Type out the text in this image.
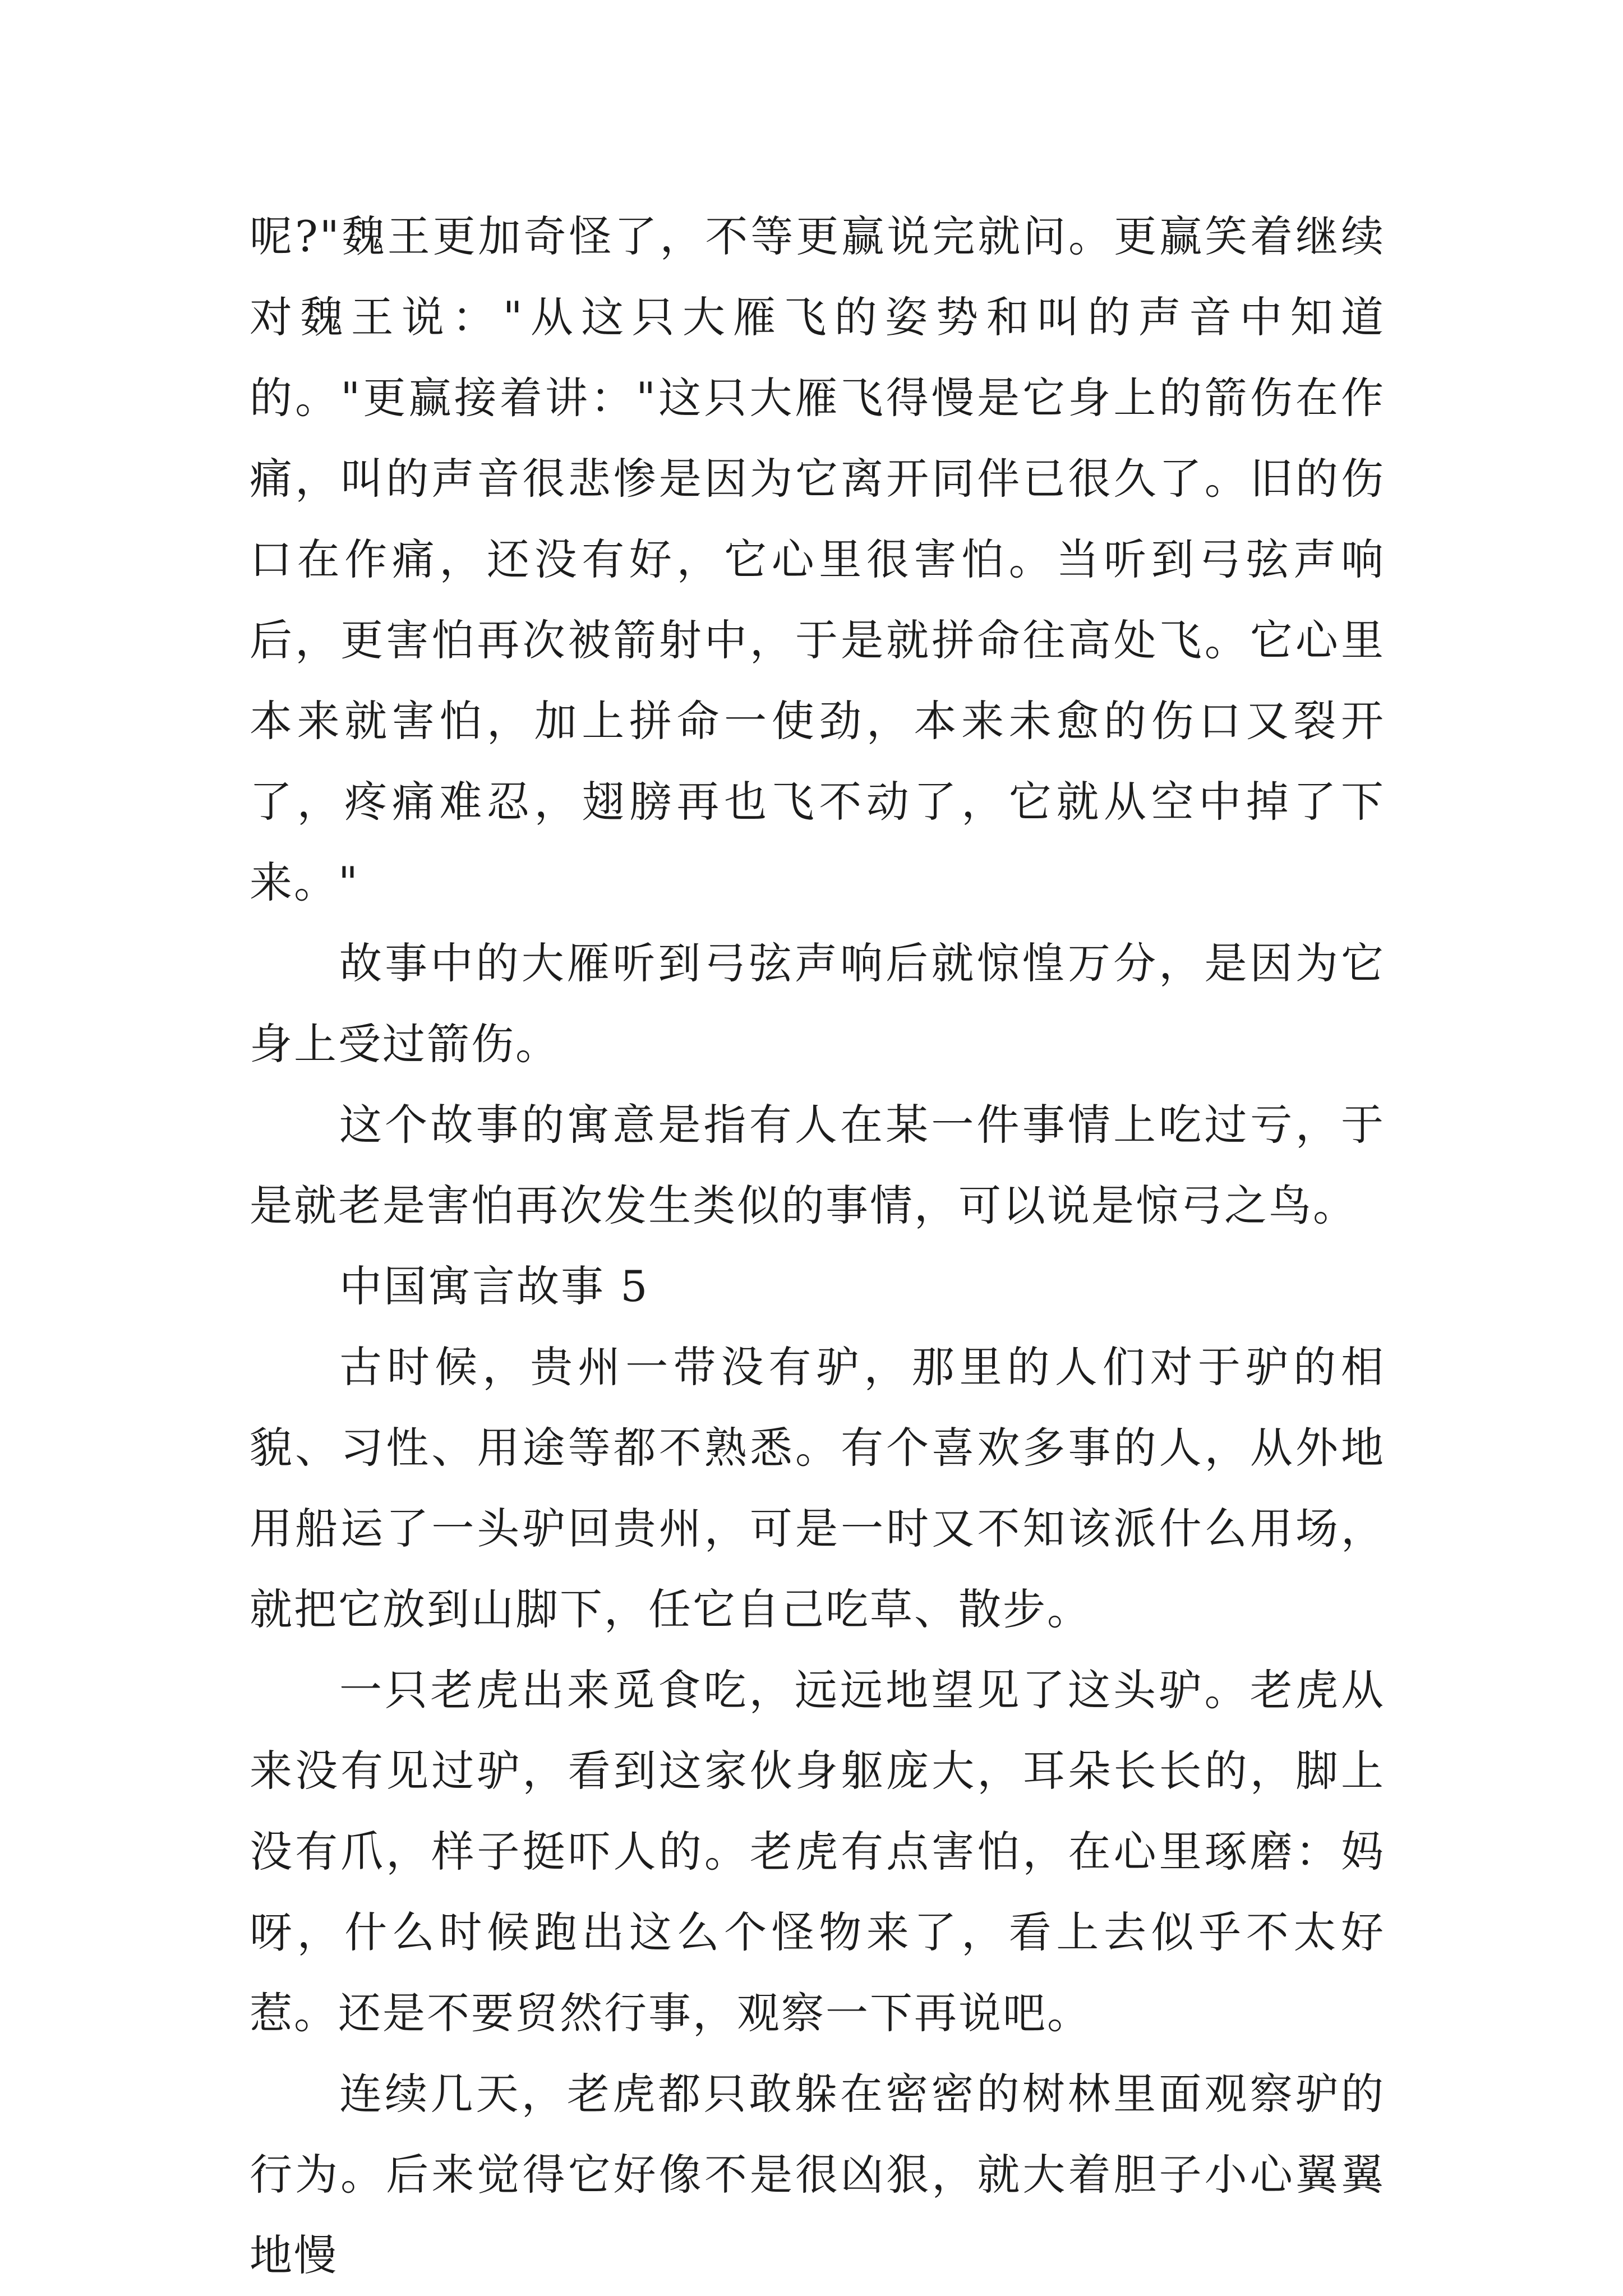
呢?"魏王更加奇怪了，不等更赢说完就问。更赢笑着继续对魏王说："从这只大雁飞的姿势和叫的声音中知道的。"更赢接着讲："这只大雁飞得慢是它身上的箭伤在作痛，叫的声音很悲惨是因为它离开同伴已很久了。旧的伤口在作痛，还没有好，它心里很害怕。当听到弓弦声响后，更害怕再次被箭射中，于是就拼命往高处飞。它心里本来就害怕，加上拼命一使劲，本来未愈的伤口又裂开了，疼痛难忍，翅膀再也飞不动了，它就从空中掉了下来。"

故事中的大雁听到弓弦声响后就惊惶万分，是因为它身上受过箭伤。

这个故事的寓意是指有人在某一件事情上吃过亏，于是就老是害怕再次发生类似的事情，可以说是惊弓之鸟。

中国寓言故事 5

古时候，贵州一带没有驴，那里的人们对于驴的相貌、习性、用途等都不熟悉。有个喜欢多事的人，从外地用船运了一头驴回贵州，可是一时又不知该派什么用场，就把它放到山脚下，任它自己吃草、散步。

一只老虎出来觅食吃，远远地望见了这头驴。老虎从来没有见过驴，看到这家伙身躯庞大，耳朵长长的，脚上没有爪，样子挺吓人的。老虎有点害怕，在心里琢磨：妈呀，什么时候跑出这么个怪物来了，看上去似乎不太好惹。还是不要贸然行事，观察一下再说吧。

连续几天，老虎都只敢躲在密密的树林里面观察驴的行为。后来觉得它好像不是很凶狠，就大着胆子小心翼翼地慢
